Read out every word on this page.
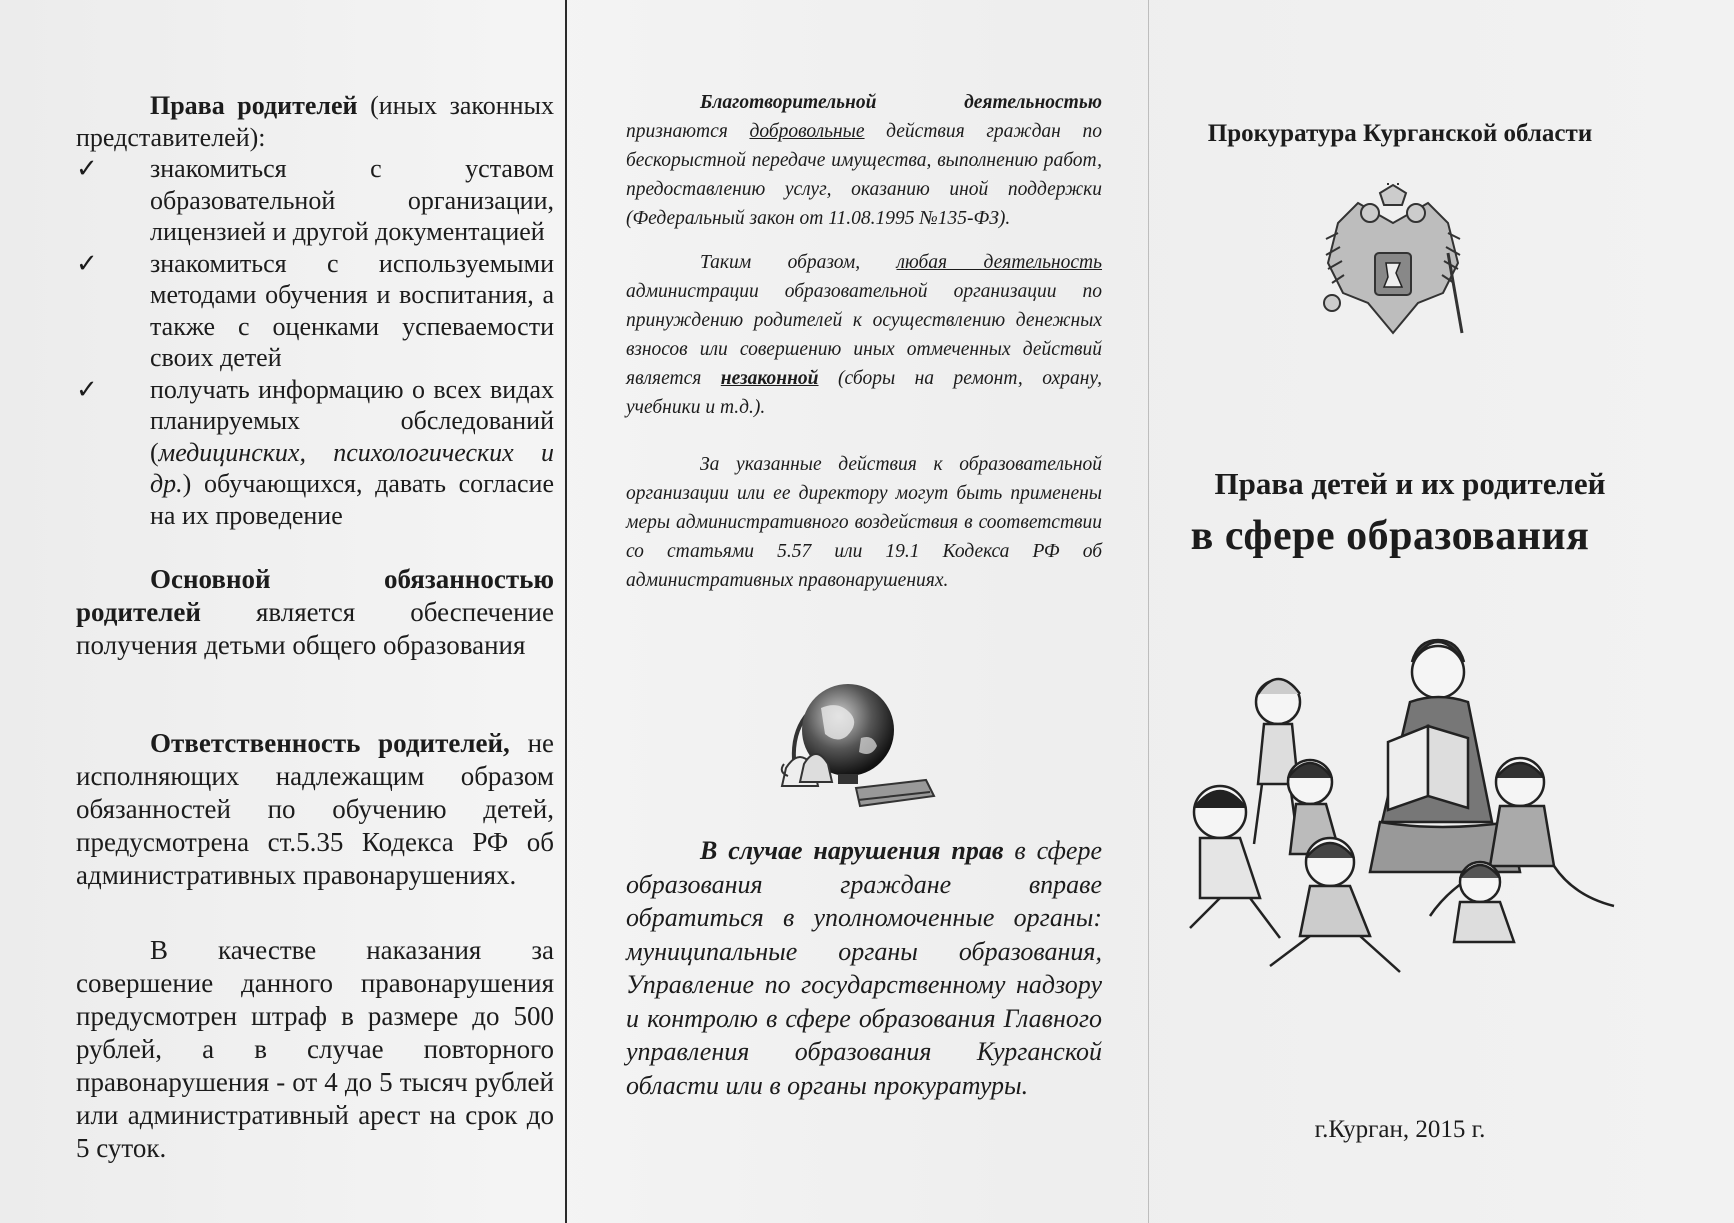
Права родителей (иных законных представителей):
✓	знакомиться с уставом образовательной организации, лицензией и другой документацией
✓	знакомиться с используемыми методами обучения и воспитания, а также с оценками успеваемости своих детей
✓	получать информацию о всех видах планируемых обследований (медицинских, психологических и др.) обучающихся, давать согласие на их проведение
Основной обязанностью родителей является обеспечение получения детьми общего образования
Ответственность родителей, не исполняющих надлежащим образом обязанностей по обучению детей, предусмотрена ст.5.35 Кодекса РФ об административных правонарушениях.
В качестве наказания за совершение данного правонарушения предусмотрен штраф в размере до 500 рублей, а в случае повторного правонарушения - от 4 до 5 тысяч рублей или административный арест на срок до 5 суток.
Благотворительной деятельностью признаются добровольные действия граждан по бескорыстной передаче имущества, выполнению работ, предоставлению услуг, оказанию иной поддержки (Федеральный закон от 11.08.1995 №135-ФЗ).
Таким образом, любая деятельность администрации образовательной организации по принуждению родителей к осуществлению денежных взносов или совершению иных отмеченных действий является незаконной (сборы на ремонт, охрану, учебники и т.д.).
За указанные действия к образовательной организации или ее директору могут быть применены меры административного воздействия в соответствии со статьями 5.57 или 19.1 Кодекса РФ об административных правонарушениях.
В случае нарушения прав в сфере образования граждане вправе обратиться в уполномоченные органы: муниципальные органы образования, Управление по государственному надзору и контролю в сфере образования Главного управления образования Курганской области или в органы прокуратуры.
Прокуратура Курганской области
Права детей и их родителей
в сфере образования
г.Курган, 2015 г.
